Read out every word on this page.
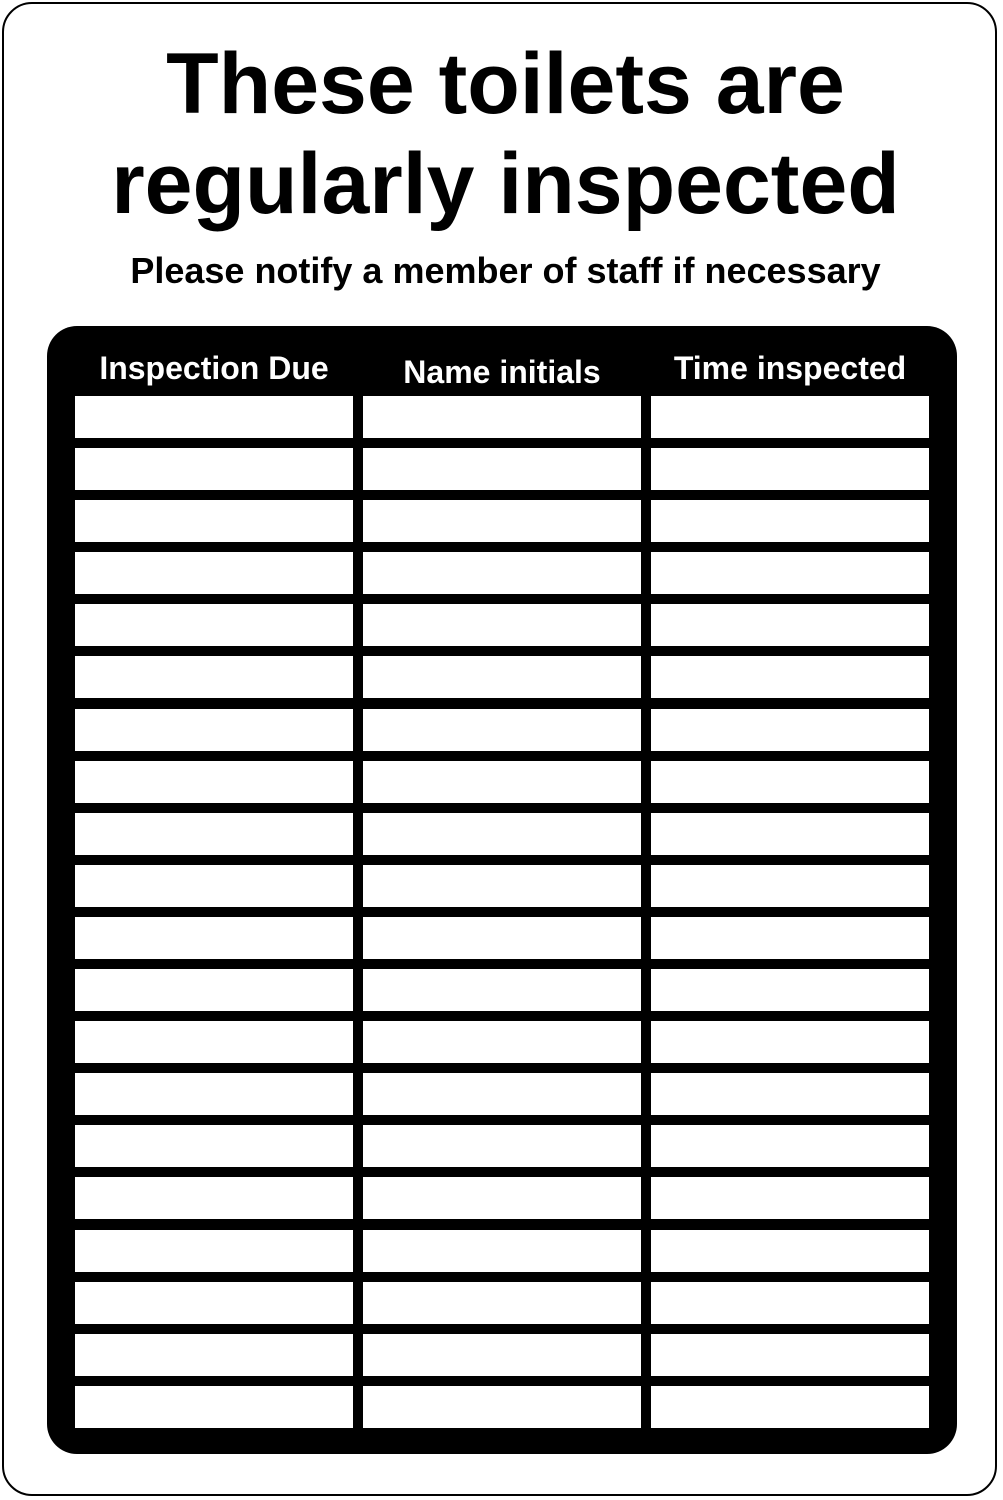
These toilets are
regularly inspected

Please notify a member of staff if necessary

Inspection Due	Name initials	Time inspected
